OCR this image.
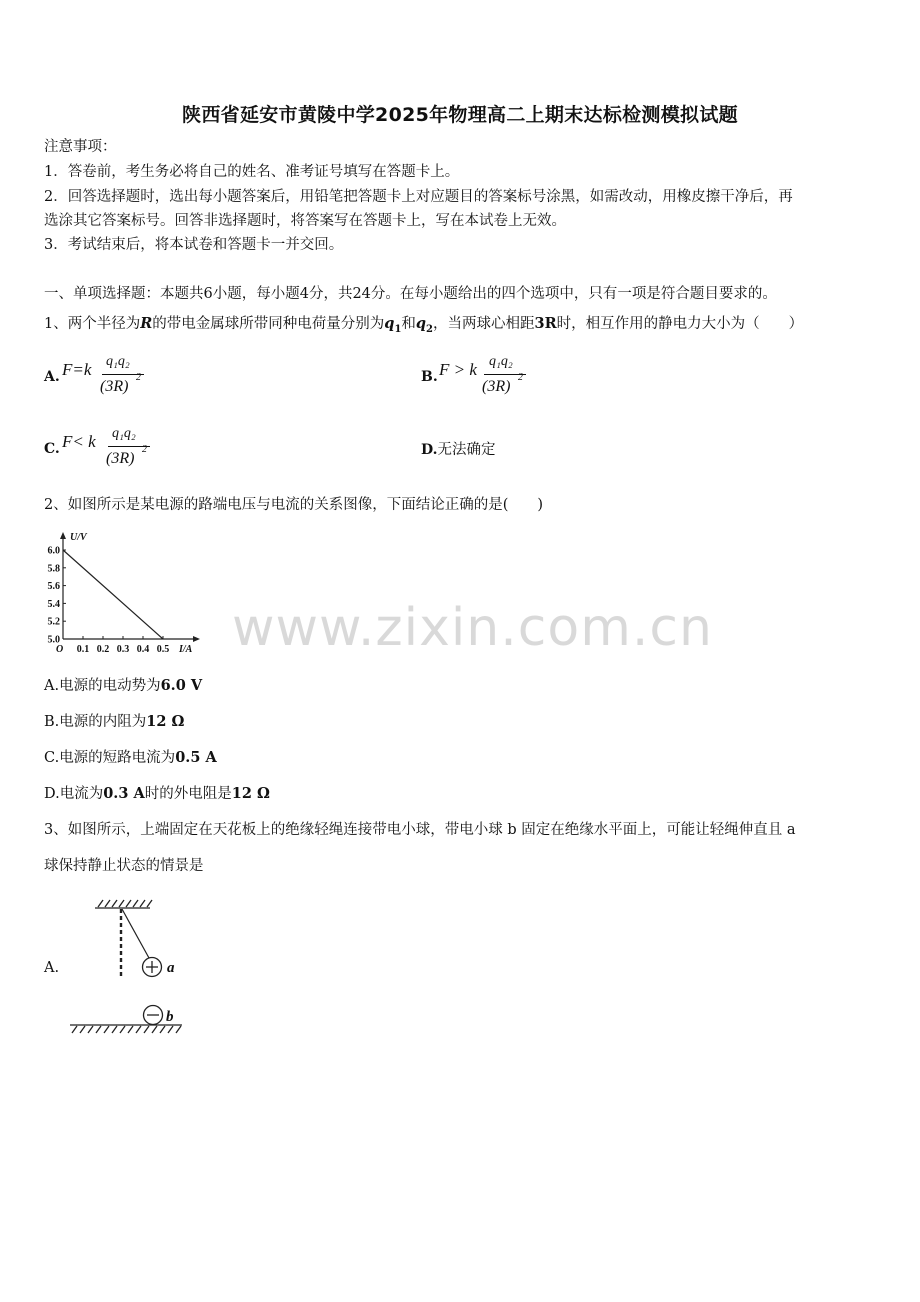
陕西省延安市黄陵中学2025年物理高二上期末达标检测模拟试题
注意事项：
1．答卷前，考生务必将自己的姓名、准考证号填写在答题卡上。
2．回答选择题时，选出每小题答案后，用铅笔把答题卡上对应题目的答案标号涂黑，如需改动，用橡皮擦干净后，再
选涂其它答案标号。回答非选择题时，将答案写在答题卡上，写在本试卷上无效。
3．考试结束后，将本试卷和答题卡一并交回。
一、单项选择题：本题共6小题，每小题4分，共24分。在每小题给出的四个选项中，只有一项是符合题目要求的。
1、两个半径为R的带电金属球所带同种电荷量分别为$q_1$和$q_2$，当两球心相距3R时，相互作用的静电力大小为（　　）
A. F=k q₁q₂
(3R)
2	B. F > k q₁q₂
(3R)
2
C. F< k q₁q₂
(3R)
2	D.无法确定
2、如图所示是某电源的路端电压与电流的关系图像，下面结论正确的是(　　)
U/V
I/A
O
6.0
5.8
5.6
5.4
5.2
5.0
0.1 0.2 0.3 0.4 0.5
A.电源的电动势为6.0 V
B.电源的内阻为12 Ω
C.电源的短路电流为0.5 A
D.电流为0.3 A时的外电阻是12 Ω
3、如图所示，上端固定在天花板上的绝缘轻绳连接带电小球，带电小球 b 固定在绝缘水平面上，可能让轻绳伸直且 a
球保持静止状态的情景是
A.	a
b
www.zixin.com.cn
